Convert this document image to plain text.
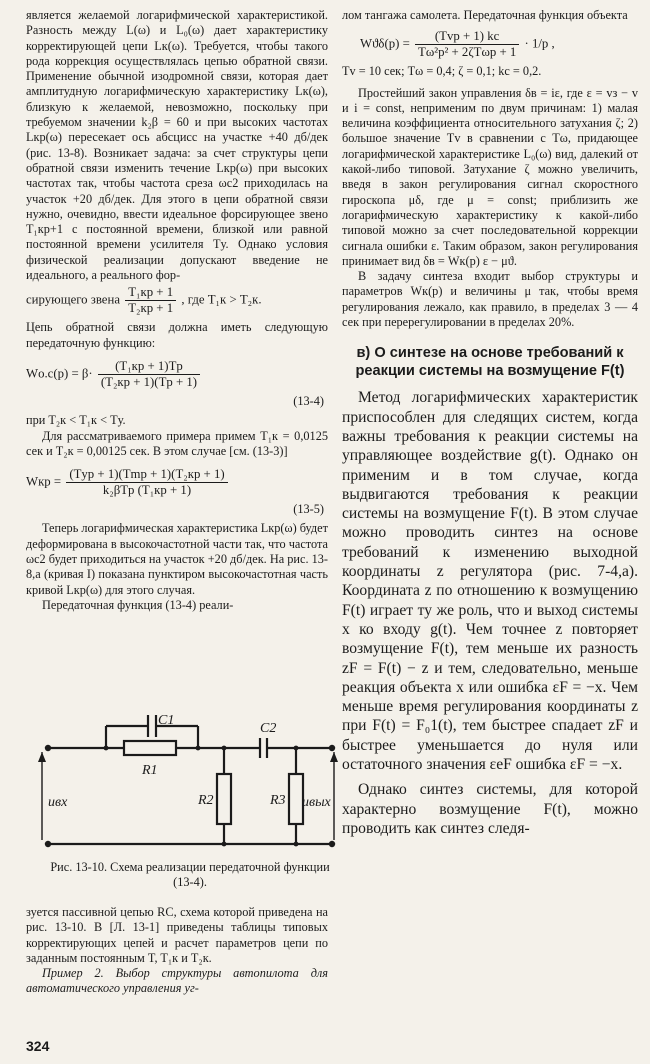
является желаемой логарифмической характеристикой. Разность между L(ω) и L₀(ω) дает характеристику корректирующей цепи Lк(ω). Требуется, чтобы такого рода коррекция осуществлялась цепью обратной связи. Применение обычной изодромной связи, которая дает амплитудную логарифмическую характеристику Lк(ω), близкую к желаемой, невозможно, поскольку при требуемом значении k₂β = 60 и при высоких частотах Lкр(ω) пересекает ось абсцисс на участке +40 дб/дек (рис. 13-8). Возникает задача: за счет структуры цепи обратной связи изменить течение Lкр(ω) при высоких частотах так, чтобы частота среза ωс2 приходилась на участок +20 дб/дек. Для этого в цепи обратной связи нужно, очевидно, ввести идеальное форсирующее звено T₁кp+1 с постоянной времени, близкой или равной постоянной времени усилителя Tу. Однако условия физической реализации допускают введение не идеального, а реального фор-

сирующего звена $\frac{\text{T₁кp + 1}}{\text{T₂кp + 1}}$ , где T₁к > T₂к.

Цепь обратной связи должна иметь следующую передаточную функцию:

$Wо.с(p) = \beta\cdot \frac{\text{(T₁кp + 1)Tp}}{\text{(T₂кp + 1)(Tp + 1)}}$
(13-4)

при T₂к < T₁к < Tу.

Для рассматриваемого примера примем T₁к = 0,0125 сек и T₂к = 0,00125 сек. В этом случае [см. (13-3)]

Wкр = $\frac{\text{(Tуp + 1)(Tmp + 1)(T₂кp + 1)}}{\text{k₂βTp (T₁кp + 1)}}$
(13-5)

Теперь логарифмическая характеристика Lкр(ω) будет деформирована в высокочастотной части так, что частота ωс2 будет приходиться на участок +20 дб/дек. На рис. 13-8,а (кривая I) показана пунктиром высокочастотная часть кривой Lкр(ω) для этого случая.

Передаточная функция (13-4) реали-

C1
C2
R1
R2	R3
uвх	uвых
Рис. 13-10. Схема реализации передаточной функции (13-4).

зуется пассивной цепью RC, схема которой приведена на рис. 13-10. В [Л. 13-1] приведены таблицы типовых корректирующих цепей и расчет параметров цепи по заданным постоянным T, T₁к и T₂к.

Пример 2. Выбор структуры автопилота для автоматического управления уг-

лом тангажа самолета. Передаточная функция объекта

$Wϑ\delta(p) = \frac{\text{(Tvp + 1) kc}}{\text{Tω²p² + 2ζTωp + 1}} \cdot 1/p$ ,

Tv = 10 сек; Tω = 0,4; ζ = 0,1; kc = 0,2.

Простейший закон управления δв = iε, где ε = vз − v и i = const, неприменим по двум причинам: 1) малая величина коэффициента относительного затухания ζ; 2) большое значение Tv в сравнении с Tω, придающее логарифмической характеристике L₀(ω) вид, далекий от какой-либо типовой. Затухание ζ можно увеличить, введя в закон регулирования сигнал скоростного гироскопа μδ, где μ = const; приблизить же логарифмическую характеристику к какой-либо типовой можно за счет последовательной коррекции сигнала ошибки ε. Таким образом, закон регулирования принимает вид δв = Wк(p) ε − μϑ.

В задачу синтеза входит выбор структуры и параметров Wк(p) и величины μ так, чтобы время регулирования лежало, как правило, в пределах 3 — 4 сек при перерегулировании в пределах 20%.

в) О синтезе на основе требований к реакции системы на возмущение F(t)

Метод логарифмических характеристик приспособлен для следящих систем, когда важны требования к реакции системы на управляющее воздействие g(t). Однако он применим и в том случае, когда выдвигаются требования к реакции системы на возмущение F(t). В этом случае можно проводить синтез на основе требований к изменению выходной координаты z регулятора (рис. 7-4,а). Координата z по отношению к возмущению F(t) играет ту же роль, что и выход системы x ко входу g(t). Чем точнее z повторяет возмущение F(t), тем меньше их разность zF = F(t) − z и тем, следовательно, меньше реакция объекта x или ошибка εF = −x. Чем меньше время регулирования координаты z при F(t) = F₀1(t), тем быстрее спадает zF и быстрее уменьшается до нуля или остаточного значения εeF ошибка εF = −x.

Однако синтез системы, для которой характерно возмущение F(t), можно проводить как синтез следя-

324
